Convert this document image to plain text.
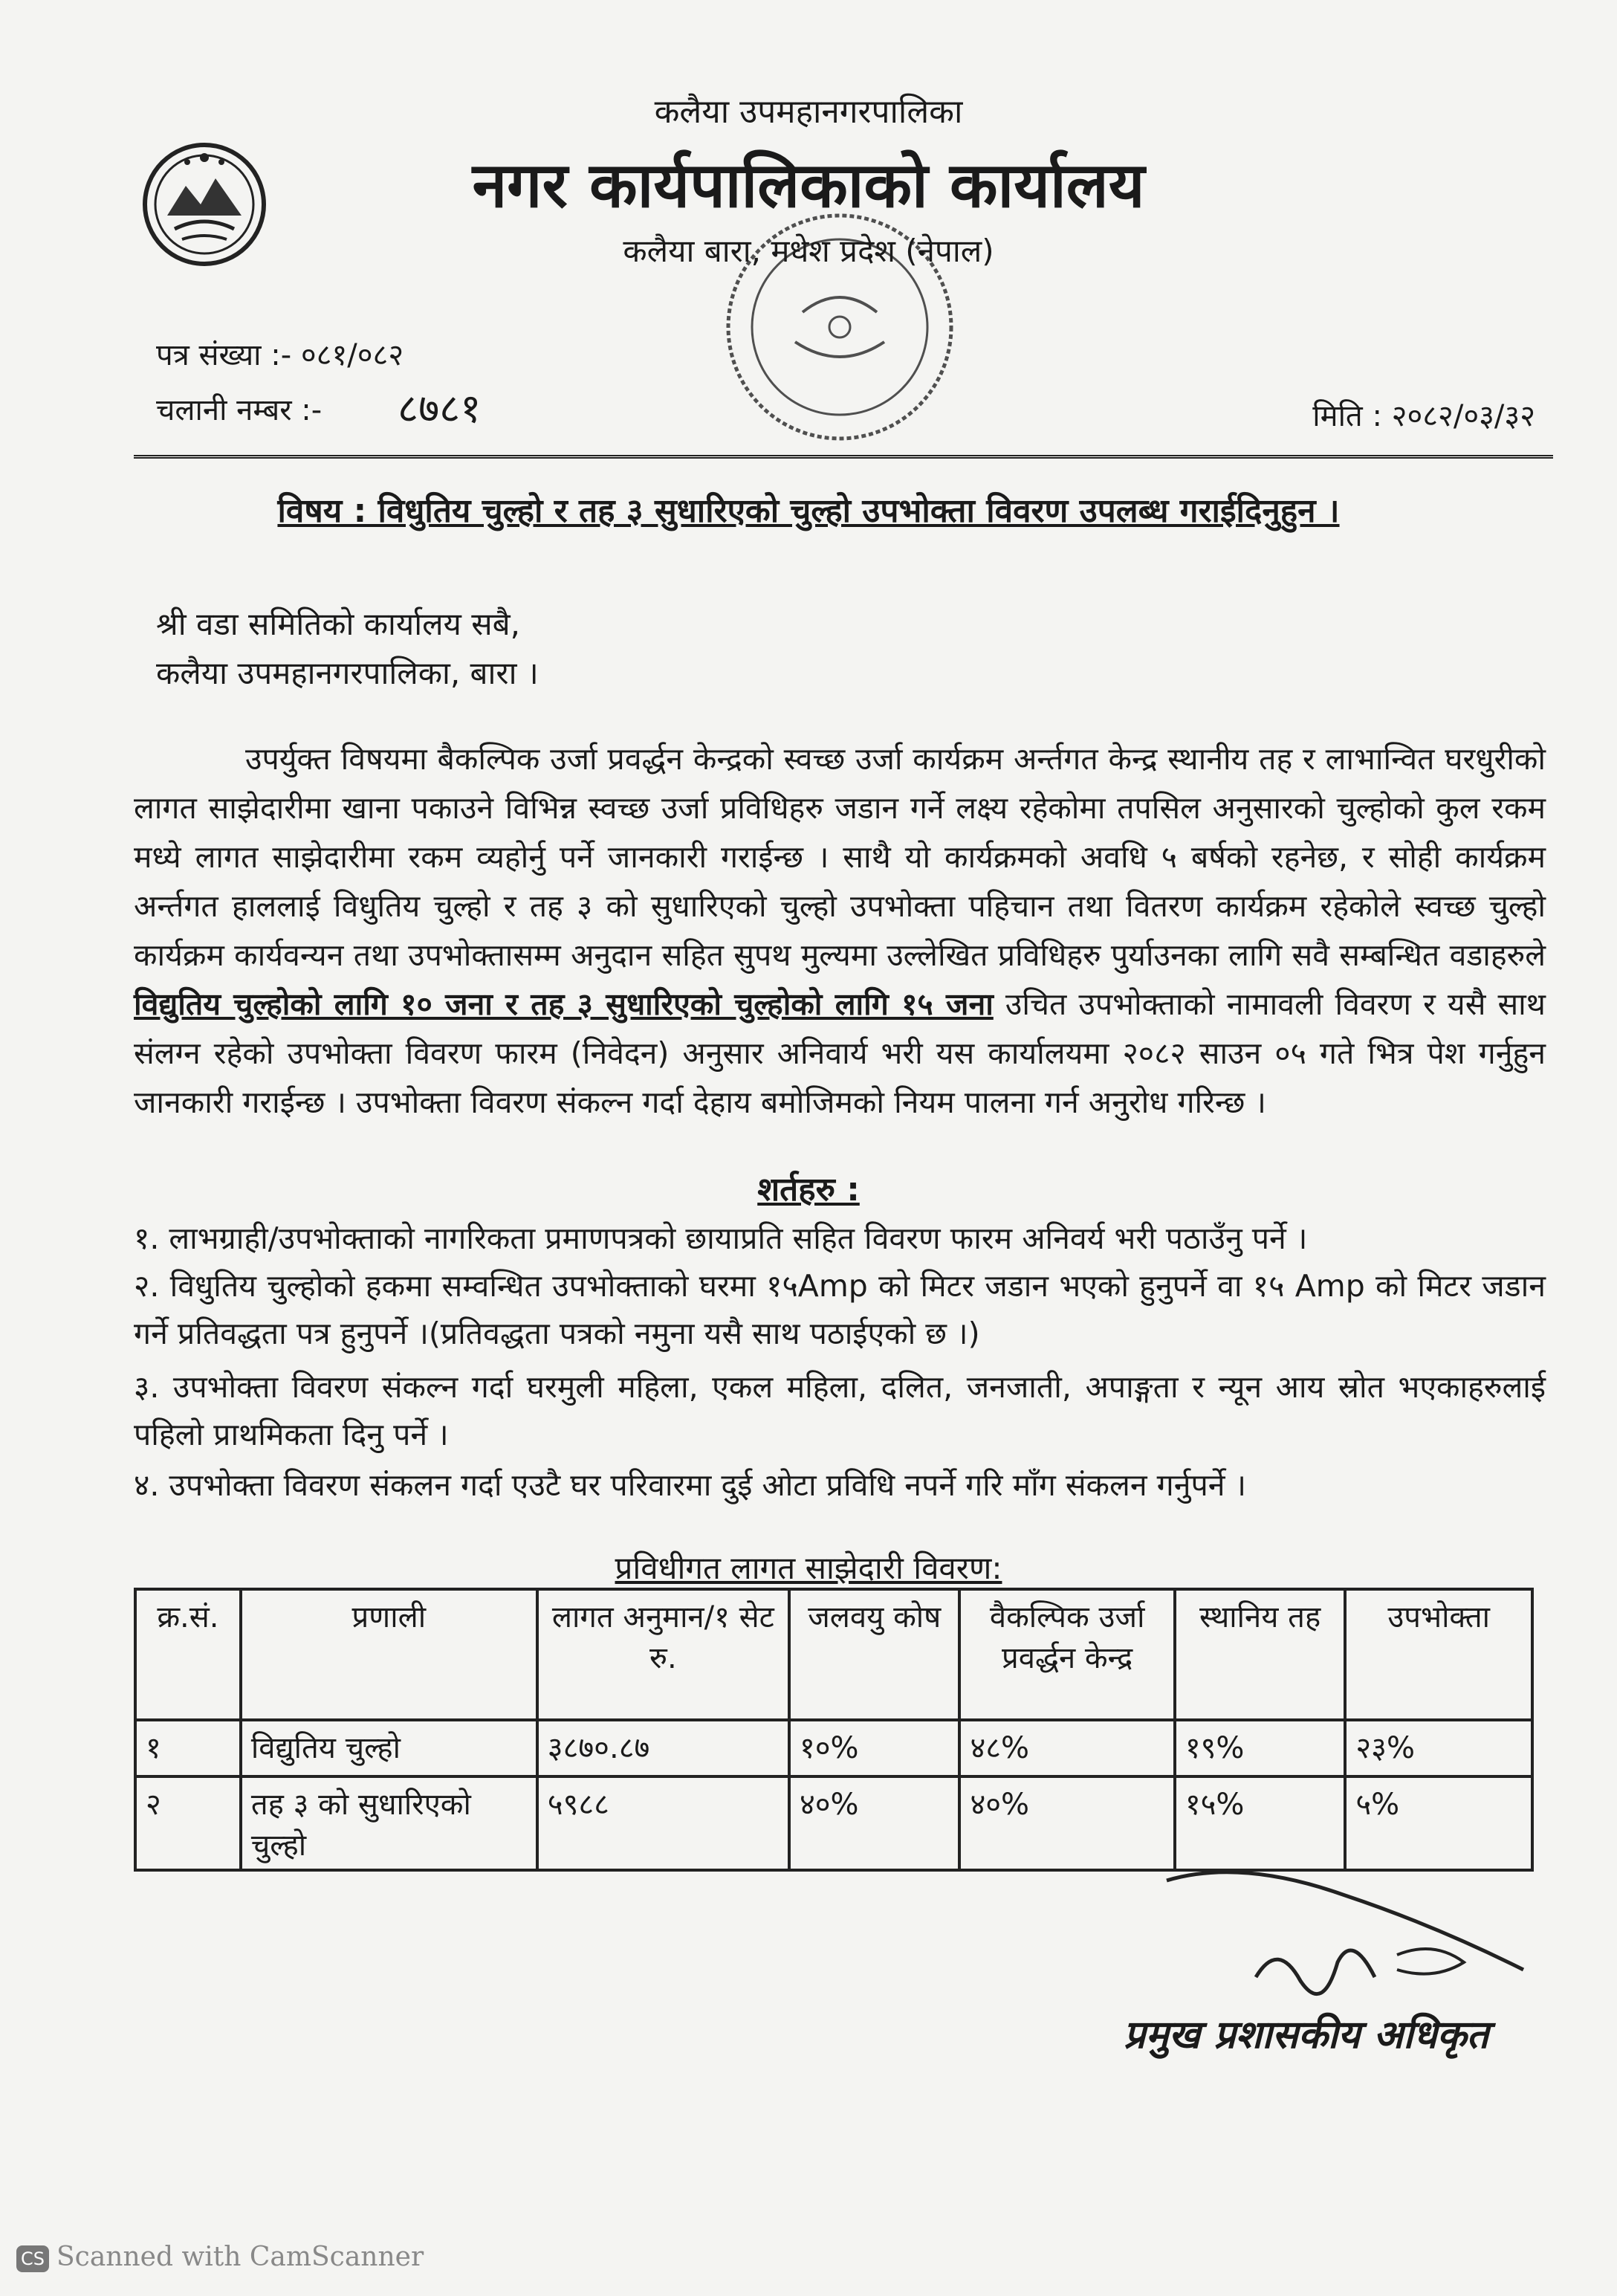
कलैया उपमहानगरपालिका
नगर कार्यपालिकाको कार्यालय
कलैया बारा, मधेश प्रदेश (नेपाल)
पत्र संख्या :- ०८१/०८२
चलानी नम्बर :- ८७८१	मिति : २०८२/०३/३२
विषय : विधुतिय चुल्हो र तह ३ सुधारिएको चुल्हो उपभोक्ता विवरण उपलब्ध गराईदिनुहुन ।
श्री वडा समितिको कार्यालय सबै,
कलैया उपमहानगरपालिका, बारा ।
उपर्युक्त विषयमा बैकल्पिक उर्जा प्रवर्द्धन केन्द्रको स्वच्छ उर्जा कार्यक्रम अर्न्तगत केन्द्र स्थानीय तह र लाभान्वित घरधुरीको लागत साझेदारीमा खाना पकाउने विभिन्न स्वच्छ उर्जा प्रविधिहरु जडान गर्ने लक्ष्य रहेकोमा तपसिल अनुसारको चुल्होको कुल रकम मध्ये लागत साझेदारीमा रकम व्यहोर्नु पर्ने जानकारी गराईन्छ । साथै यो कार्यक्रमको अवधि ५ बर्षको रहनेछ, र सोही कार्यक्रम अर्न्तगत हाललाई विधुतिय चुल्हो र तह ३ को सुधारिएको चुल्हो उपभोक्ता पहिचान तथा वितरण कार्यक्रम रहेकोले स्वच्छ चुल्हो कार्यक्रम कार्यवन्यन तथा उपभोक्तासम्म अनुदान सहित सुपथ मुल्यमा उल्लेखित प्रविधिहरु पुर्याउनका लागि सवै सम्बन्धित वडाहरुले विद्युतिय चुल्होको लागि १० जना र तह ३ सुधारिएको चुल्होको लागि १५ जना उचित उपभोक्ताको नामावली विवरण र यसै साथ संलग्न रहेको उपभोक्ता विवरण फारम (निवेदन) अनुसार अनिवार्य भरी यस कार्यालयमा २०८२ साउन ०५ गते भित्र पेश गर्नुहुन जानकारी गराईन्छ । उपभोक्ता विवरण संकल्न गर्दा देहाय बमोजिमको नियम पालना गर्न अनुरोध गरिन्छ ।
शर्तहरु :
१. लाभग्राही/उपभोक्ताको नागरिकता प्रमाणपत्रको छायाप्रति सहित विवरण फारम अनिवर्य भरी पठाउँनु पर्ने ।
२. विधुतिय चुल्होको हकमा सम्वन्धित उपभोक्ताको घरमा १५Amp को मिटर जडान भएको हुनुपर्ने वा १५ Amp को मिटर जडान गर्ने प्रतिवद्धता पत्र हुनुपर्ने ।(प्रतिवद्धता पत्रको नमुना यसै साथ पठाईएको छ ।)
३. उपभोक्ता विवरण संकल्न गर्दा घरमुली महिला, एकल महिला, दलित, जनजाती, अपाङ्गता र न्यून आय स्रोत भएकाहरुलाई पहिलो प्राथमिकता दिनु पर्ने ।
४. उपभोक्ता विवरण संकलन गर्दा एउटै घर परिवारमा दुई ओटा प्रविधि नपर्ने गरि माँग संकलन गर्नुपर्ने ।
प्रविधीगत लागत साझेदारी विवरण:
क्र.सं.	प्रणाली	लागत अनुमान/१ सेट रु.	जलवयु कोष	वैकल्पिक उर्जा प्रवर्द्धन केन्द्र	स्थानिय तह	उपभोक्ता
१	विद्युतिय चुल्हो	३८७०.८७	१०%	४८%	१९%	२३%
२	तह ३ को सुधारिएको चुल्हो	५९८८	४०%	४०%	१५%	५%
प्रमुख प्रशासकीय अधिकृत
CS Scanned with CamScanner
